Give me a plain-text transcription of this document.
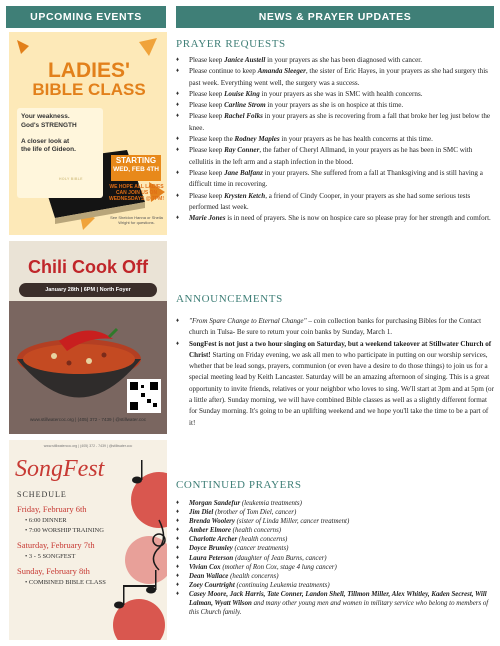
UPCOMING EVENTS	NEWS & PRAYER UPDATES
LADIES'
BIBLE CLASS
Your weakness.
God's STRENGTH
A closer look at the life of Gideon.
HOLY BIBLE
STARTING
WED, FEB 4TH
WE HOPE ALL LADIES CAN JOIN US ON WEDNESDAYS @ 7PM!
See Sheldon Hanna or Sheila Wright for questions.
Chili Cook Off
January 28th | 6PM | North Foyer
www.stillwatercoc.org | (405) 372 - 7439 | @stillwater.coc
www.stillwatercoc.org | (405) 372 - 7439 | @stillwater.coc
SongFest
SCHEDULE
Friday, February 6th
• 6:00 DINNER
• 7:00 WORSHIP TRAINING
Saturday, February 7th
• 3 - 5 SONGFEST
Sunday, February 8th
• COMBINED BIBLE CLASS
PRAYER REQUESTS
♦ Please keep Janice Austell in your prayers as she has been diagnosed with cancer.
♦ Please continue to keep Amanda Sleeger, the sister of Eric Hayes, in your prayers as she had surgery this past week. Everything went well, the surgery was a success.
♦ Please keep Louise King in your prayers as she was in SMC with health concerns.
♦ Please keep Carline Strom in your prayers as she is on hospice at this time.
♦ Please keep Rachel Folks in your prayers as she is recovering from a fall that broke her leg just below the knee.
♦ Please keep the Rodney Maples in your prayers as he has health concerns at this time.
♦ Please keep Ray Conner, the father of Cheryl Allmand, in your prayers as he has been in SMC with cellulitis in the left arm and a staph infection in the blood.
♦ Please keep Jane Balfanz in your prayers. She suffered from a fall at Thanksgiving and is still having a difficult time in recovering.
♦ Please keep Krysten Ketch, a friend of Cindy Cooper, in your prayers as she had some serious tests performed last week.
♦ Marie Jones is in need of prayers. She is now on hospice care so please pray for her strength and comfort.
ANNOUNCEMENTS
♦ "From Spare Change to Eternal Change" – coin collection banks for purchasing Bibles for the Contact church in Tulsa- Be sure to return your coin banks by Sunday, March 1.
♦ SongFest is not just a two hour singing on Saturday, but a weekend takeover at Stillwater Church of Christ! Starting on Friday evening, we ask all men to who participate in putting on our worship services, whether that be lead songs, prayers, communion (or even have a desire to do those things) to join us for a special meeting lead by Keith Lancaster. Saturday will be an amazing afternoon of singing. This is a great opportunity to invite friends, relatives or your neighbor who loves to sing. We'll start at 3pm and at 5pm (or a little after). Sunday morning, we will have combined Bible classes as well as a slightly different format for Sunday morning. It's going to be an uplifting weekend and we hope you'll take the time to be a part of it!
CONTINUED PRAYERS
♦ Morgan Sandefur (leukemia treatments)
♦ Jim Diel (brother of Tom Diel, cancer)
♦ Brenda Woolery (sister of Linda Miller, cancer treatment)
♦ Amber Elmore (health concerns)
♦ Charlotte Archer (health concerns)
♦ Doyce Brumley (cancer treatments)
♦ Laura Peterson (daughter of Jean Burns, cancer)
♦ Vivian Cox (mother of Ron Cox, stage 4 lung cancer)
♦ Dean Wallace (health concerns)
♦ Zoey Courtright (continuing Leukemia treatments)
♦ Casey Moore, Jack Harris, Tate Conner, Landon Shell, Tillmon Miller, Alex Whitley, Kaden Secrest, Will Lalman, Wyatt Wilson and many other young men and women in military service who belong to members of this Church family.
